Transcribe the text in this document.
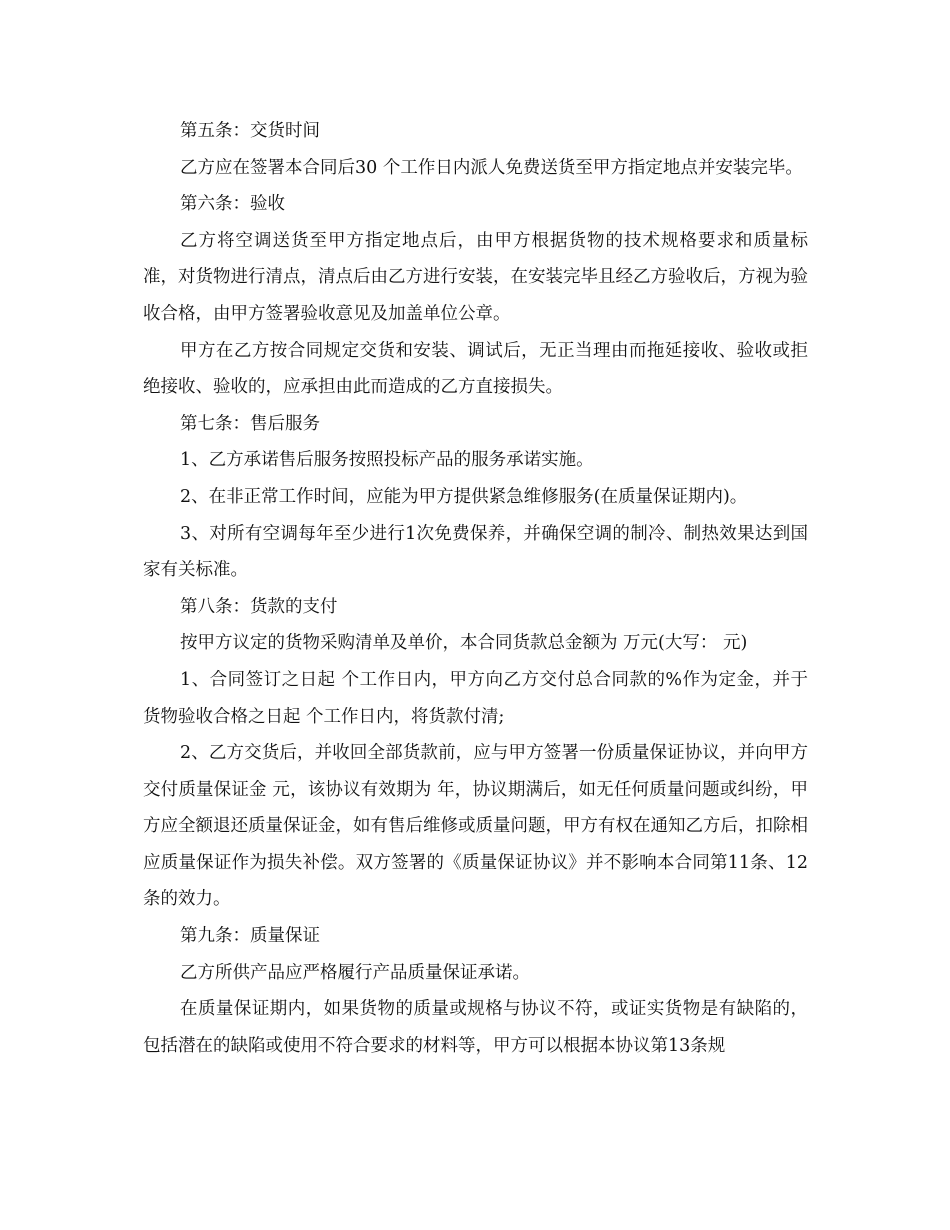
第五条：交货时间

乙方应在签署本合同后30 个工作日内派人免费送货至甲方指定地点并安装完毕。

第六条：验收

乙方将空调送货至甲方指定地点后，由甲方根据货物的技术规格要求和质量标准，对货物进行清点，清点后由乙方进行安装，在安装完毕且经乙方验收后，方视为验收合格，由甲方签署验收意见及加盖单位公章。

甲方在乙方按合同规定交货和安装、调试后，无正当理由而拖延接收、验收或拒绝接收、验收的，应承担由此而造成的乙方直接损失。

第七条：售后服务

1、乙方承诺售后服务按照投标产品的服务承诺实施。

2、在非正常工作时间，应能为甲方提供紧急维修服务(在质量保证期内)。

3、对所有空调每年至少进行1次免费保养，并确保空调的制冷、制热效果达到国家有关标准。

第八条：货款的支付

按甲方议定的货物采购清单及单价，本合同货款总金额为 万元(大写： 元)

1、合同签订之日起 个工作日内，甲方向乙方交付总合同款的%作为定金，并于货物验收合格之日起 个工作日内，将货款付清;

2、乙方交货后，并收回全部货款前，应与甲方签署一份质量保证协议，并向甲方交付质量保证金 元，该协议有效期为 年，协议期满后，如无任何质量问题或纠纷，甲方应全额退还质量保证金，如有售后维修或质量问题，甲方有权在通知乙方后，扣除相应质量保证作为损失补偿。双方签署的《质量保证协议》并不影响本合同第11条、12条的效力。

第九条：质量保证

乙方所供产品应严格履行产品质量保证承诺。

在质量保证期内，如果货物的质量或规格与协议不符，或证实货物是有缺陷的，包括潜在的缺陷或使用不符合要求的材料等，甲方可以根据本协议第13条规
